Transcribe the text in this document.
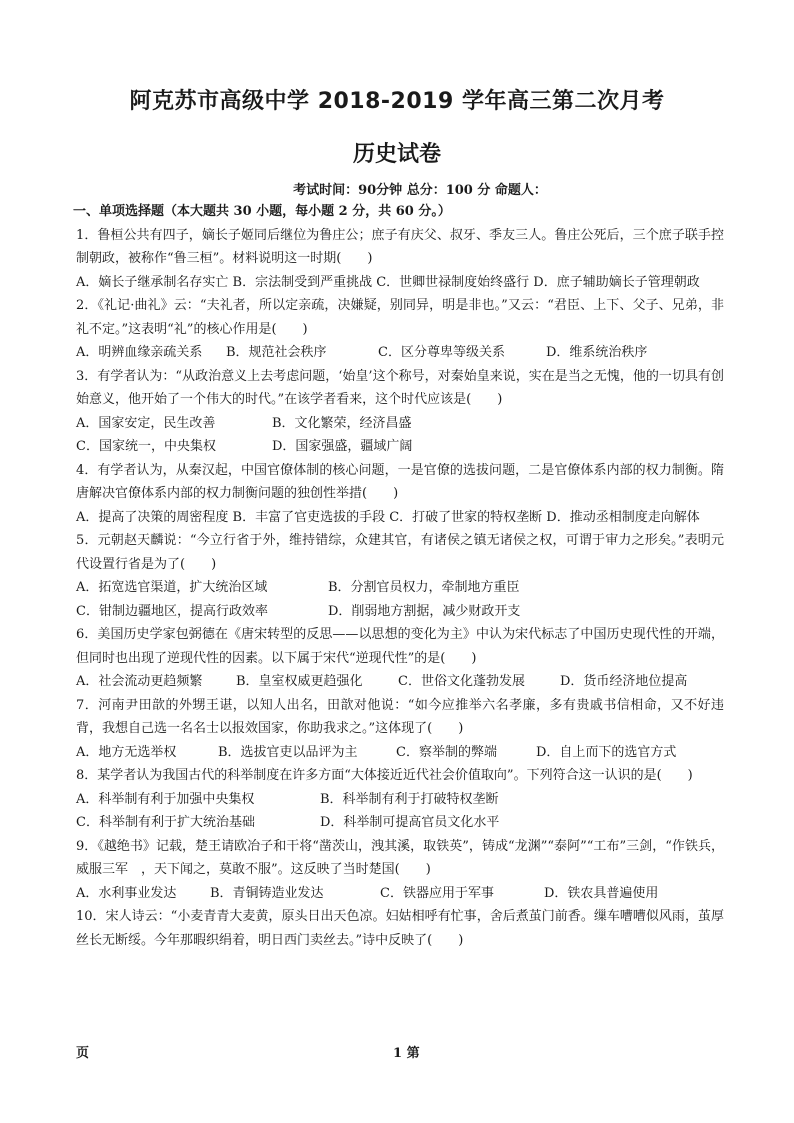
阿克苏市高级中学 2018-2019 学年高三第二次月考
历史试卷
考试时间：90分钟 总分：100 分 命题人：
一、单项选择题（本大题共 30 小题，每小题 2 分，共 60 分。）
1．鲁桓公共有四子，嫡长子姬同后继位为鲁庄公；庶子有庆父、叔牙、季友三人。鲁庄公死后，三个庶子联手控制朝政，被称作“鲁三桓”。材料说明这一时期(　　)
A．嫡长子继承制名存实亡 B．宗法制受到严重挑战 C．世卿世禄制度始终盛行 D．庶子辅助嫡长子管理朝政
2．《礼记·曲礼》云：“夫礼者，所以定亲疏，决嫌疑，别同异，明是非也。”又云：“君臣、上下、父子、兄弟，非礼不定。”这表明“礼”的核心作用是(　　)
A．明辨血缘亲疏关系 B．规范社会秩序	C．区分尊卑等级关系	D．维系统治秩序
3．有学者认为：“从政治意义上去考虑问题，‘始皇’这个称号，对秦始皇来说，实在是当之无愧，他的一切具有创始意义，他开始了一个伟大的时代。”在该学者看来，这个时代应该是(　　)
A．国家安定，民生改善	B．文化繁荣，经济昌盛
C．国家统一，中央集权	D．国家强盛，疆域广阔
4．有学者认为，从秦汉起，中国官僚体制的核心问题，一是官僚的选拔问题，二是官僚体系内部的权力制衡。隋唐解决官僚体系内部的权力制衡问题的独创性举措(　　)
A．提高了决策的周密程度 B．丰富了官吏选拔的手段 C．打破了世家的特权垄断 D．推动丞相制度走向解体
5．元朝赵天麟说：“今立行省于外，维持错综，众建其官，有诸侯之镇无诸侯之权，可谓于审力之形矣。”表明元代设置行省是为了(　　)
A．拓宽选官渠道，扩大统治区域	B．分割官员权力，牵制地方重臣
C．钳制边疆地区，提高行政效率	D．削弱地方割据，减少财政开支
6．美国历史学家包弼德在《唐宋转型的反思——以思想的变化为主》中认为宋代标志了中国历史现代性的开端，但同时也出现了逆现代性的因素。以下属于宋代“逆现代性”的是(　　)
A．社会流动更趋频繁	B．皇室权威更趋强化	C．世俗文化蓬勃发展	D．货币经济地位提高
7．河南尹田歆的外甥王谌，以知人出名，田歆对他说：“如今应推举六名孝廉，多有贵戚书信相命，又不好违背，我想自己选一名名士以报效国家，你助我求之。”这体现了(　　)
A．地方无选举权	B．选拔官吏以品评为主	C．察举制的弊端	D．自上而下的选官方式
8．某学者认为我国古代的科举制度在许多方面“大体接近近代社会价值取向”。下列符合这一认识的是(　　)
A．科举制有利于加强中央集权	B．科举制有利于打破特权垄断
C．科举制有利于扩大统治基础	D．科举制可提高官员文化水平
9．《越绝书》记载，楚王请欧冶子和干将“凿茨山，洩其溪，取铁英”，铸成“龙渊”“泰阿”“工布”三剑，“作铁兵，威服三军　，天下闻之，莫敢不服”。这反映了当时楚国(　　)
A．水利事业发达	B．青铜铸造业发达	C．铁器应用于军事	D．铁农具普遍使用
10．宋人诗云：“小麦青青大麦黄，原头日出天色凉。妇姑相呼有忙事，舍后煮茧门前香。缫车嘈嘈似风雨，茧厚丝长无断绥。今年那暇织绢着，明日西门卖丝去。”诗中反映了(　　)
页	1 第
